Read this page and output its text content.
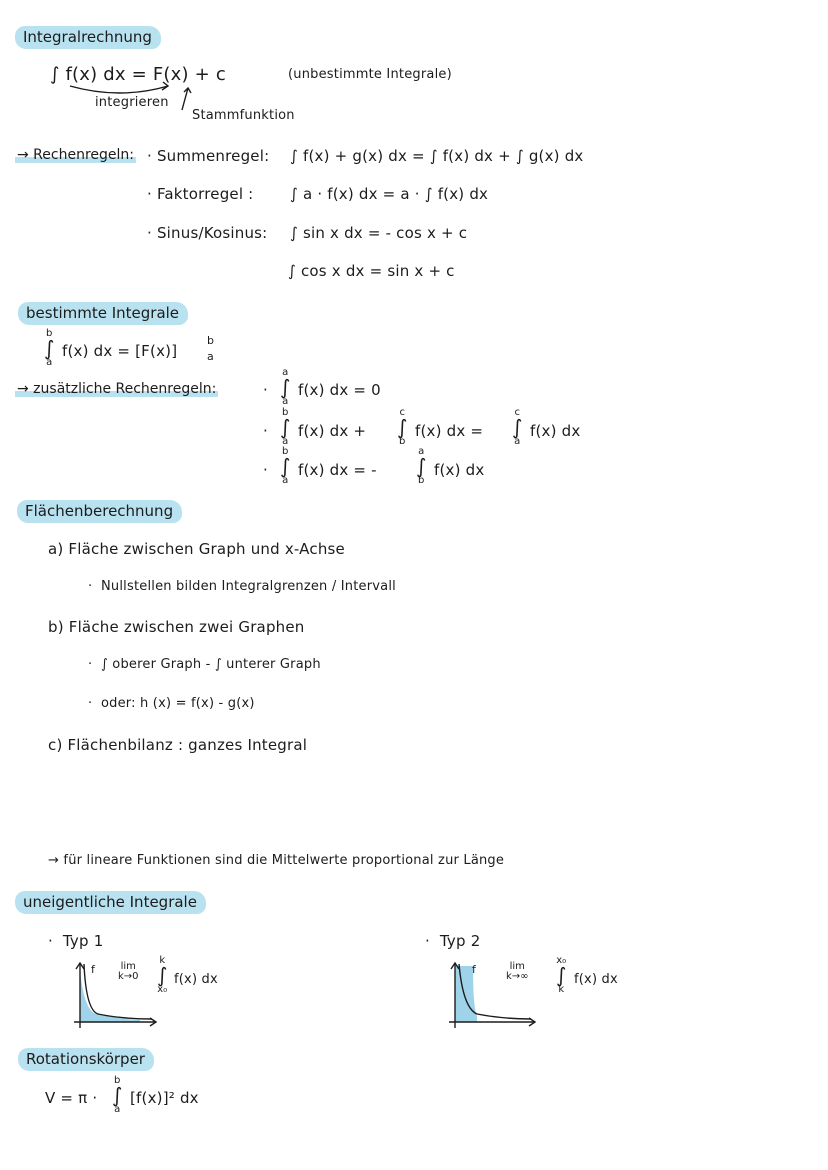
Integralrechnung
∫ f(x) dx = F(x) + c	(unbestimmte Integrale)
integrieren
Stammfunktion
→ Rechenregeln: · Summenregel: ∫ f(x) + g(x) dx = ∫ f(x) dx + ∫ g(x) dx
· Faktorregel : ∫ a · f(x) dx = a · ∫ f(x) dx
· Sinus/Kosinus: ∫ sin x dx = - cos x + c
∫ cos x dx = sin x + c
bestimmte Integrale
b
∫
a
f(x) dx = [F(x)]
b
a
→ zusätzliche Rechenregeln:	·
a
∫
a
f(x) dx = 0
·
b
∫
a
f(x) dx +
c
∫
b
f(x) dx =
c
∫
a
f(x) dx
·
b
∫
a
f(x) dx = -
a
∫
b
f(x) dx
Flächenberechnung
a) Fläche zwischen Graph und x-Achse
·  Nullstellen bilden Integralgrenzen / Intervall
b) Fläche zwischen zwei Graphen
·  ∫ oberer Graph - ∫ unterer Graph
·  oder: h (x) = f(x) - g(x)
c) Flächenbilanz : ganzes Integral
→ für lineare Funktionen sind die Mittelwerte proportional zur Länge
uneigentliche Integrale
·  Typ 1
f	lim
k→0
k
∫
x₀
f(x) dx
·  Typ 2
f	lim
k→∞
x₀
∫
k
f(x) dx
Rotationskörper
V = π ·
b
∫
a
[f(x)]² dx
